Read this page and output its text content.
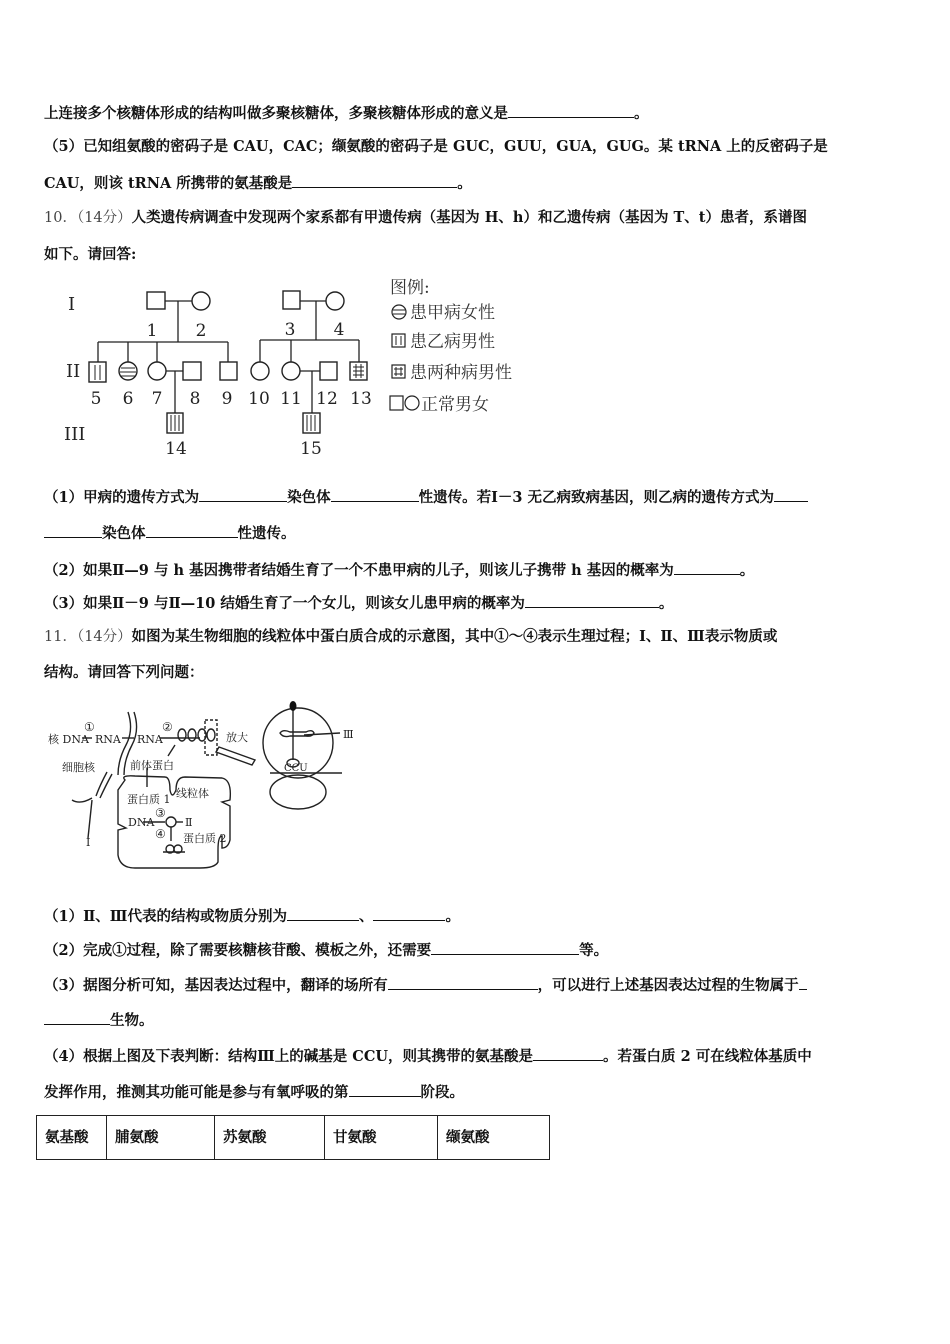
上连接多个核糖体形成的结构叫做多聚核糖体，多聚核糖体形成的意义是	。
（5）已知组氨酸的密码子是 CAU，CAC；缬氨酸的密码子是 GUC，GUU，GUA，GUG。某 tRNA 上的反密码子是
CAU，则该 tRNA 所携带的氨基酸是	。
10．（14分）人类遗传病调查中发现两个家系都有甲遗传病（基因为 H、h）和乙遗传病（基因为 T、t）患者，系谱图
如下。请回答:
I
II
III
1 2	3 4
5 6 7 8 9 10 11 12 13
14	15
图例:
患甲病女性
患乙病男性
患两种病男性
正常男女
（1）甲病的遗传方式为	染色体	性遗传。若Ⅰ－3 无乙病致病基因，则乙病的遗传方式为
染色体	性遗传。
（2）如果Ⅱ—9 与 h 基因携带者结婚生育了一个不患甲病的儿子，则该儿子携带 h 基因的概率为	。
（3）如果Ⅱ－9 与Ⅱ—10 结婚生育了一个女儿，则该女儿患甲病的概率为	。
11．（14分）如图为某生物细胞的线粒体中蛋白质合成的示意图，其中①～④表示生理过程；Ⅰ、Ⅱ、Ⅲ表示物质或
结构。请回答下列问题：
核 DNA RNA RNA
①	②
细胞核	前体蛋白
蛋白质 1 线粒体
③
DNA	Ⅱ
④ 蛋白质 2
Ⅰ
放大	Ⅲ
CCU
（1）Ⅱ、Ⅲ代表的结构或物质分别为	、	。
（2）完成①过程，除了需要核糖核苷酸、模板之外，还需要	等。
（3）据图分析可知，基因表达过程中，翻译的场所有	，可以进行上述基因表达过程的生物属于
生物。
（4）根据上图及下表判断：结构Ⅲ上的碱基是 CCU，则其携带的氨基酸是	。若蛋白质 2 可在线粒体基质中
发挥作用，推测其功能可能是参与有氧呼吸的第	阶段。
氨基酸	脯氨酸	苏氨酸	甘氨酸	缬氨酸
